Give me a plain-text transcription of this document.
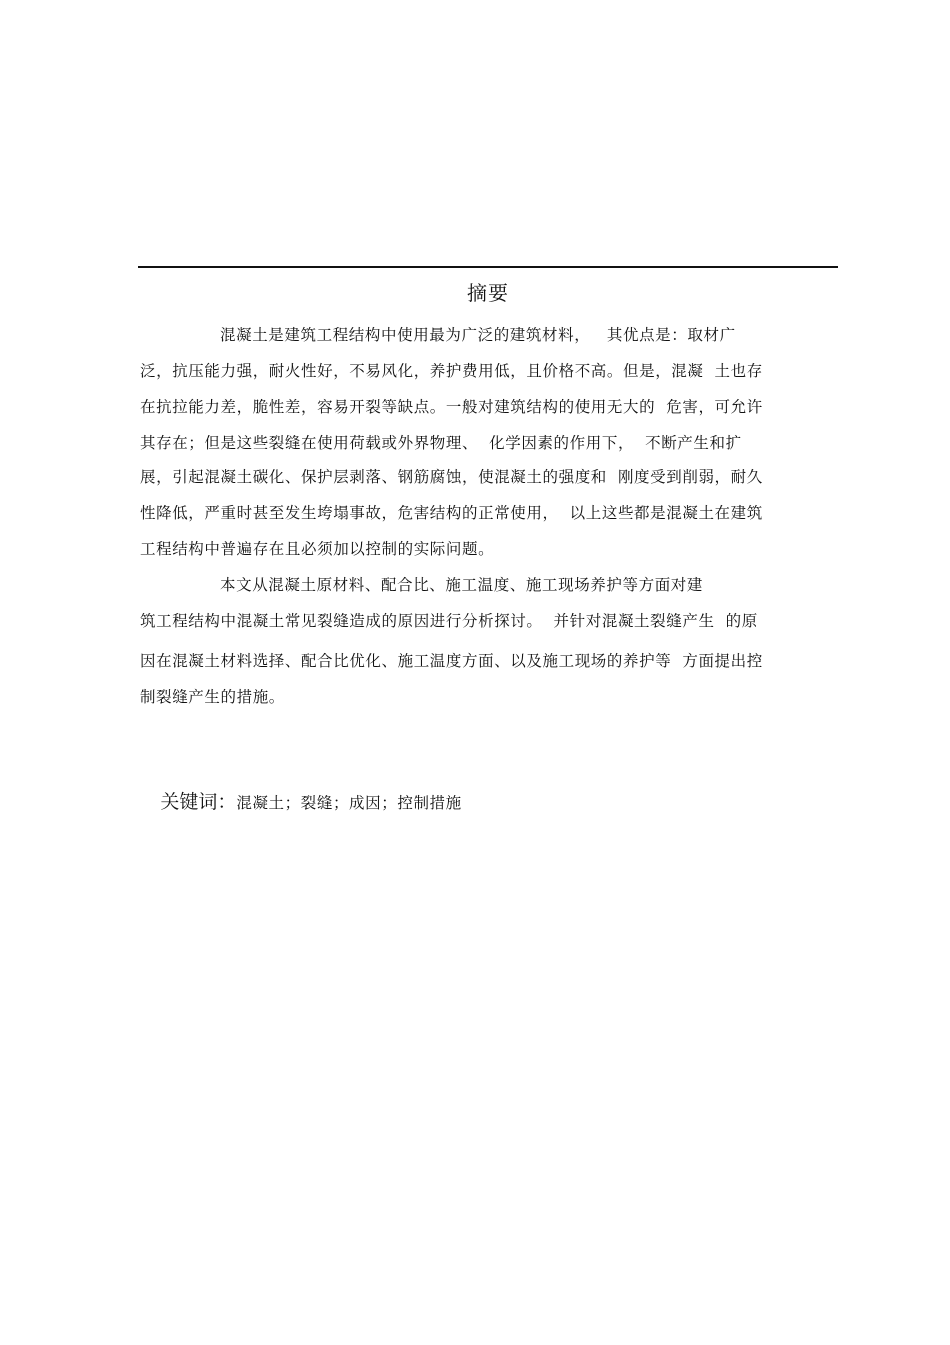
摘要
混凝土是建筑工程结构中使用最为广泛的建筑材料，   其优点是：取材广
泛，抗压能力强，耐火性好，不易风化，养护费用低，且价格不高。但是，混凝  土也存
在抗拉能力差，脆性差，容易开裂等缺点。一般对建筑结构的使用无大的  危害，可允许
其存在；但是这些裂缝在使用荷载或外界物理、  化学因素的作用下，  不断产生和扩
展，引起混凝土碳化、保护层剥落、钢筋腐蚀，使混凝土的强度和  刚度受到削弱，耐久
性降低，严重时甚至发生垮塌事故，危害结构的正常使用，  以上这些都是混凝土在建筑
工程结构中普遍存在且必须加以控制的实际问题。
本文从混凝土原材料、配合比、施工温度、施工现场养护等方面对建
筑工程结构中混凝土常见裂缝造成的原因进行分析探讨。  并针对混凝土裂缝产生  的原
因在混凝土材料选择、配合比优化、施工温度方面、以及施工现场的养护等  方面提出控
制裂缝产生的措施。

关键词：混凝土；裂缝；成因；控制措施
